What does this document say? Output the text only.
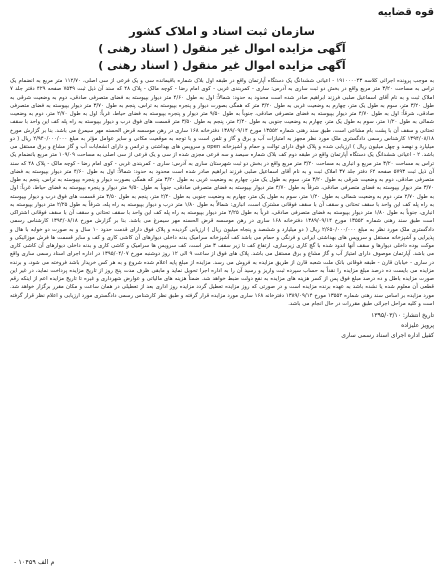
قوه قضاییه
سازمان ثبت اسناد و املاک کشور
آگهی مزایده اموال غیر منقول ( اسناد رهنی )
آگهی مزایده اموال غیر منقول ( اسناد رهنی )
به موجب پرونده اجرائی کلاسه ۱۹۱۰۰۰۰۴۳ - اعیانی ششدانگ یک دستگاه آپارتمان واقع در طبقه اول بلاک شماره باقیمانده سی و یک فرعی از سی اصلی، ۱۱۲/۷۰ متر مربع به انضمام یک تراس به مساحت ۳/۲۰ متر مربع واقع در بخش دو ثبت ساری به آدرس: ساری - کمربندی غربی - کوی امام رضا - کوچه مالک - پلاک ۴۸ که سند آن ذیل ثبت ۷۵۳۹ صفحه ۴۲۹ دفتر جلد ۷ املاک ثبت و به نام آقای اسماعیل صلبی فرزند ابراهیم صادر شده است محدود به حدود: شمالاً: اول به طول ۴/۶۰ متر دیوار بپیوسته به فضای متصرفی صادقی، دوم به وضعیت شرقی به طول ۳/۲۰ متر، سوم به طول یک متر، چهارم به وضعیت غربی به طول ۳/۲۰ متر که همگی بصورت دیوار و پنجره بپیوسته به تراس، پنجم به طول ۳/۷۰ متر دیوار بپیوسته به فضای متصرفی صادقی، شرقاً: اول به طول ۴/۷۰ متر دیوار بپیوسته به فضای متصرفی صادقی، جنوباً به طول ۹/۵۰ متر دیوار و پنجره بپیوسته به فضای حیاط، غرباً: اول به طول ۲/۷۰ متر، دوم به وضعیت شمالی به طول ۱/۲۰ متر، سوم به طول یک متر، چهارم به وضعیت جنوبی به طول ۲/۴۰ متر، پنجم به طول ۳/۵۰ متر قسمت های فوق درب و دیوار بپیوسته به راه پله کف این واحد با سقف تحتانی و سقف آن با پشت بام مشاعی است، طبق سند رهنی شماره ۱۳۵۵۲ مورخ ۱۳۸۹/۰۹/۱۴ دفترخانه ۱۶۸ ساری در رهن موسسه قرض الحسنه مهر سیمرغ می باشد. بنا بر گزارش مورخ ۱۳۹۴/۰۸/۱۸ کارشناس رسمی دادگستری ملک مورد نظر مجهز به امتیازات آب و برق و گاز و تلفن است و با توجه به موقعیت مکانی و سایر عوامل مؤثر به مبلغ ۲/۹۴۰/۰۰۰/۰۰۰ ریال ( دو میلیارد و نهصد و چهل میلیون ریال ) ارزیابی شده و پلاک فوق دارای توالت و حمام و آشپزخانه open و سرویس های بهداشتی و ترانس و دارای انشعابات آب و گاز مشاع و برق مستقل می باشد. ۲ - اعیانی ششدانگ یک دستگاه آپارتمان واقع در طبقه دوم کف بلاک شماره سیصد و سه فرعی مجزی شده از سی و یک فرعی از سی اصلی به مساحت ۱۰۹/۰۹ متر مربع بانضمام یک تراس به مساحت ۳/۲۰ متر مربع و انباری به مساحت ۳/۲۰ متر مربع واقع در بخش دو ثبت شهرستان ساری به آدرس: ساری - کمربندی غربی - کوی امام رضا - کوچه مالک - پلاک ۴۸ که سند آن ذیل ثبت ۵۷۹۳ صفحه ۶۲ دفتر جلد ۳۷ املاک ثبت و به نام آقای اسماعیل صلبی فرزند ابراهیم صادر شده است محدود به حدود: شمالاً: اول به طول ۴/۶۰ متر دیوار بپیوسته به فضای متصرفی صادقی، دوم به وضعیت شرقی به طول ۳/۲۰ متر، سوم به طول یک متر، چهارم به وضعیت غربی به طول ۳/۲۰ متر که همگی بصورت دیوار و پنجره بپیوسته به تراس، پنجم به طول ۳/۷۰ متر دیوار بپیوسته به فضای متصرفی صادقی، شرقاً به طول ۴/۷۰ متر دیوار بپیوسته به فضای متصرفی صادقی، جنوباً به طول ۹/۵۰ متر دیوار و پنجره بپیوسته به فضای حیاط، غرباً: اول به طول ۲/۷۰ متر، دوم به وضعیت شمالی به طول ۱/۲۰ متر، سوم به طول یک متر، چهارم به وضعیت جنوبی به طول ۲/۴۰ متر، پنجم به طول ۳/۵۰ متر قسمت های فوق درب و دیوار بپیوسته به راه پله کف این واحد با سقف تحتانی و سقف آن با سقف فوقانی مشترک است، انباری: شمالاً به طول ۱/۸۰ متر درب و دیوار بپیوسته به راه پله، شرقاً به طول ۲/۲۵ متر دیوار بپیوسته به انباری، جنوباً به طول ۱/۸۰ متر دیوار بپیوسته به فضای متصرفی صادقی، غرباً به طول ۲/۲۵ متر دیوار بپیوسته به راه پله کف این واحد با سقف تحتانی و سقف آن با سقف فوقانی اشتراکی است طبق سند رهنی شماره ۱۳۵۵۲ مورخ ۱۳۸۹/۰۹/۱۴ دفترخانه ۱۶۸ ساری در رهن موسسه قرض الحسنه مهر سیمرغ می باشد. بنا بر گزارش مورخ ۱۳۹۴/۰۸/۱۸ کارشناس رسمی دادگستری ملک مورد نظر به مبلغ ۲/۶۵۰/۰۰۰/۰۰۰ ریال ( دو میلیارد و ششصد و پنجاه میلیون ریال ) ارزیابی گردیده و پلاک فوق دارای قدمت حدود ۱۰ سال و به صورت دو خوابه با هال و پذیرایی و آشپزخانه مستقل و سرویس های بهداشتی ایرانی و فرنگی و حمام می باشد کف آشپزخانه سرامیک بدنه داخلی دیوارهای آن کاشی کاری و کف و سایر قسمت ها فرش موزائیکی و موکت بوده داخلی دیوارها و سقف آنها اندود شده با گچ کاری زیرسازی، ارتفاع کف تا زیر سقف ۳ متر است، کف سرویس ها سرامیک و کاشی کاری و بدنه داخلی دیوارهای آن کاشی کاری می باشد. آپارتمان موصوف دارای امتیاز آب و گاز مشاع و برق مستقل می باشد. پلاک های فوق از ساعت ۹ الی ۱۲ روز دوشنبه مورخ ۱۳۹۵/۰۴/۰۷ در اداره اجرای اسناد رسمی ساری واقع در ساری - خیابان قارن - طبقه فوقانی بانک ملت شعبه قارن از طریق مزایده به فروش می رسد. مزایده از مبلغ پایه اعلام شده شروع و به هر کس خریدار باشد فروخته می شود، و برنده مزایده می بایست ده درصد مبلغ مزایده را نقداً به حساب سپرده ثبت واریز و رسید آن را به اداره اجرا تحویل نماید و مابقی ظرف مدت پنج روز از تاریخ مزایده پرداخت نماید، در غیر این صورت مزایده باطل و ده درصد مبلغ فوق پس از کسر هزینه های مزایده به نفع دولت ضبط خواهد شد. ضمناً هزینه های مالیاتی و عوارض شهرداری و غیره تا تاریخ مزایده اعم از اینکه رقم قطعی آن معلوم شده یا نشده باشد به عهده برنده مزایده است و در صورتی که روز مزایده تعطیل گردد مزایده روز اداری بعد از تعطیلی در همان ساعت و مکان مقرر برگزار خواهد شد. مورد مزایده بر اساس سند رهنی شماره ۱۳۵۵۲ مورخ ۱۳۸۹/۰۹/۱۴ دفترخانه ۱۶۸ ساری مورد مزایده قرار گرفته و طبق نظر کارشناس رسمی دادگستری مورد ارزیابی و اعلام نظر قرار گرفته است و کلیه مراحل اجرائی طبق مقررات در حال انجام می باشد.
تاریخ انتشار: ۱۳۹۵/۰۳/۱۰
پرویز علیزاده
کفیل اداره اجرای اسناد رسمی ساری
م الف ۱۰۴۵۹ -
